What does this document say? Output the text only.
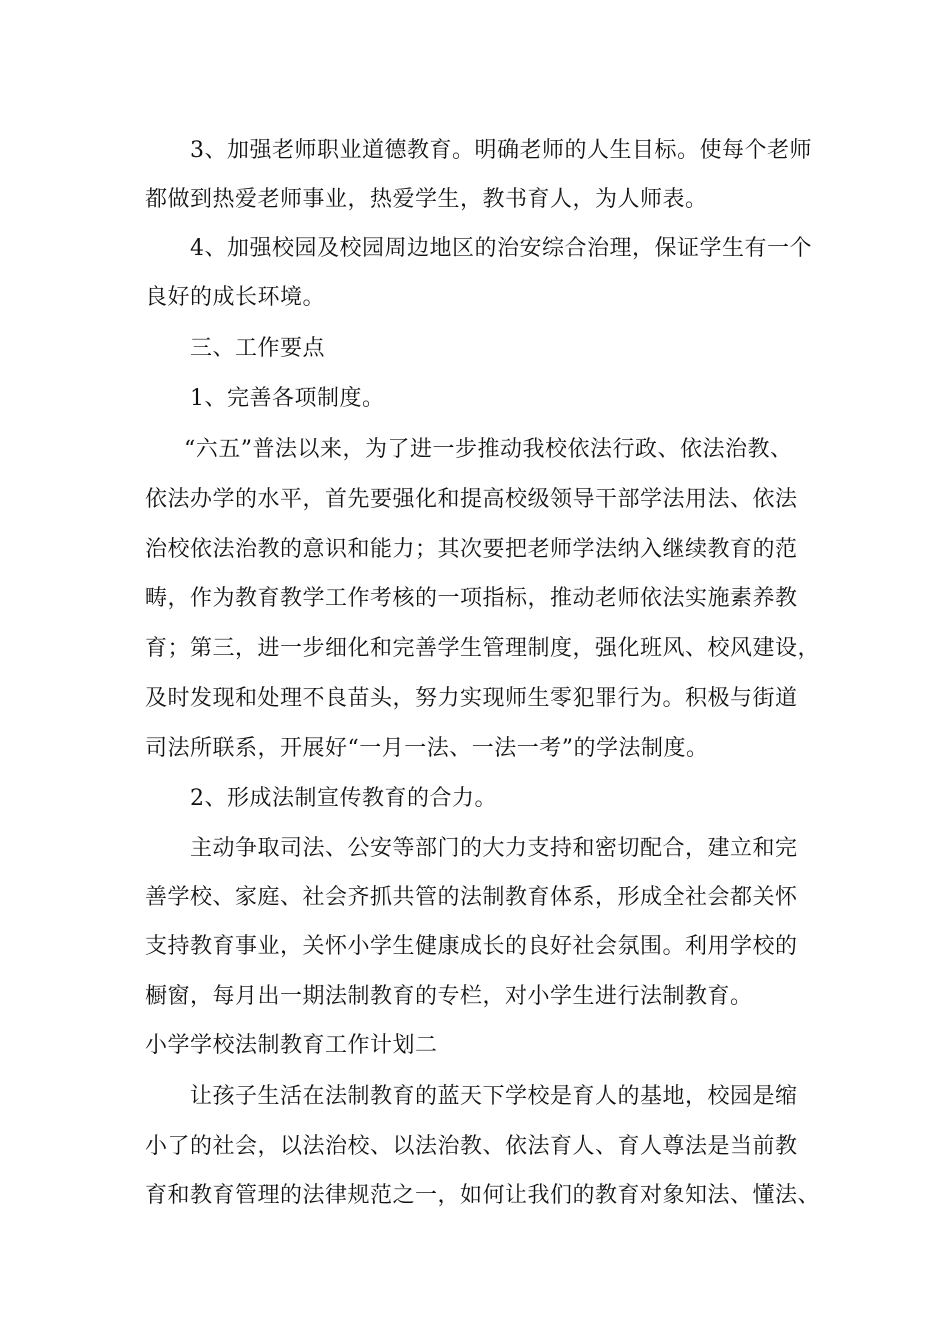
3、加强老师职业道德教育。明确老师的人生目标。使每个老师
都做到热爱老师事业，热爱学生，教书育人，为人师表。
4、加强校园及校园周边地区的治安综合治理，保证学生有一个
良好的成长环境。
三、工作要点
1、完善各项制度。
“六五”普法以来，为了进一步推动我校依法行政、依法治教、
依法办学的水平，首先要强化和提高校级领导干部学法用法、依法
治校依法治教的意识和能力；其次要把老师学法纳入继续教育的范
畴，作为教育教学工作考核的一项指标，推动老师依法实施素养教
育；第三，进一步细化和完善学生管理制度，强化班风、校风建设，
及时发现和处理不良苗头，努力实现师生零犯罪行为。积极与街道
司法所联系，开展好“一月一法、一法一考”的学法制度。
2、形成法制宣传教育的合力。
主动争取司法、公安等部门的大力支持和密切配合，建立和完
善学校、家庭、社会齐抓共管的法制教育体系，形成全社会都关怀
支持教育事业，关怀小学生健康成长的良好社会氛围。利用学校的
橱窗，每月出一期法制教育的专栏，对小学生进行法制教育。
小学学校法制教育工作计划二
让孩子生活在法制教育的蓝天下学校是育人的基地，校园是缩
小了的社会，以法治校、以法治教、依法育人、育人尊法是当前教
育和教育管理的法律规范之一，如何让我们的教育对象知法、懂法、
